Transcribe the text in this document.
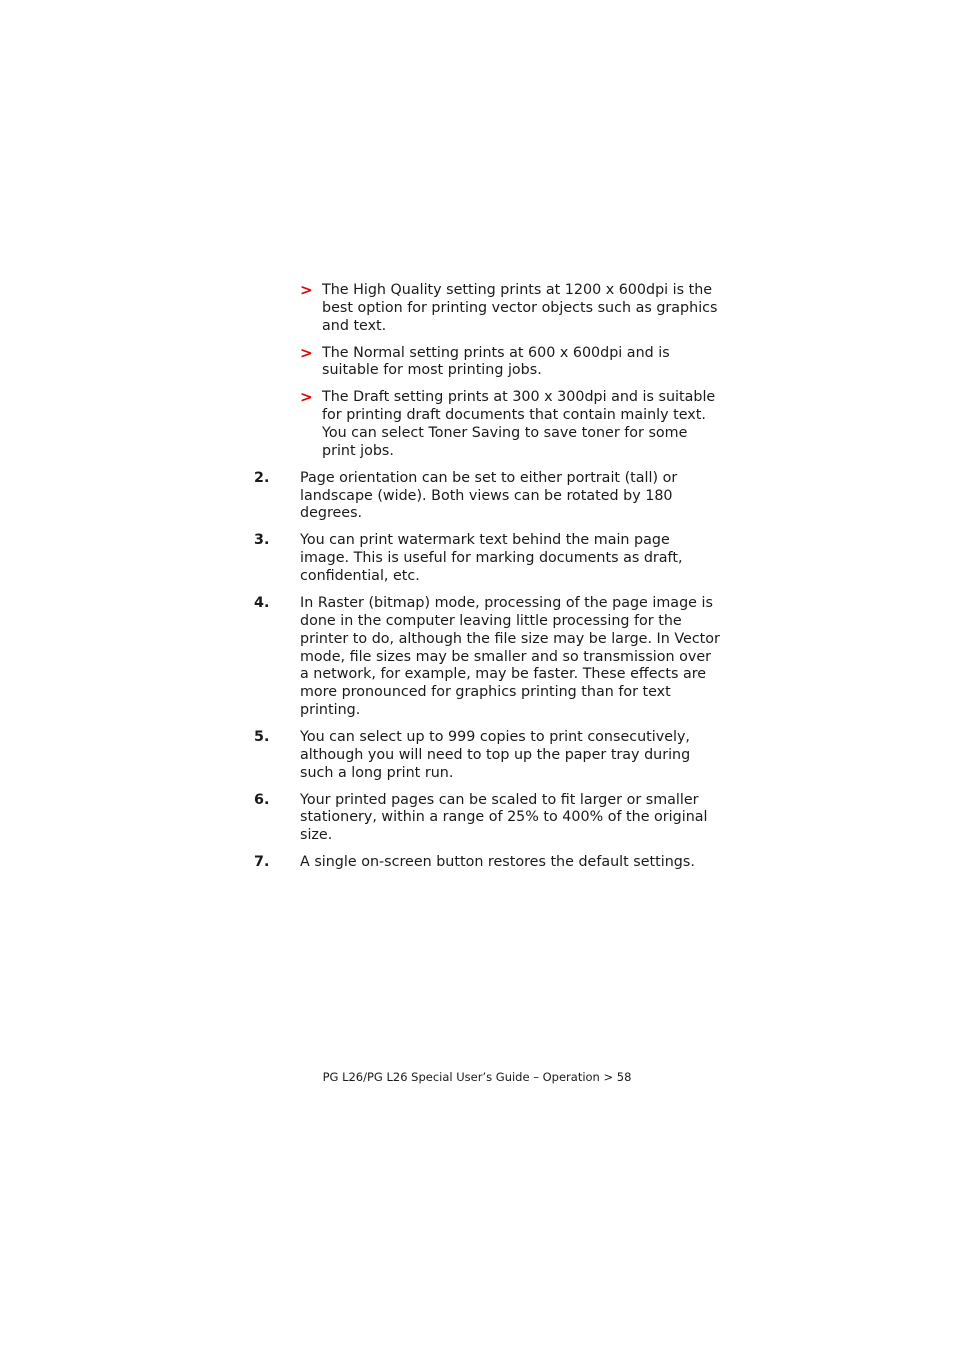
> The High Quality setting prints at 1200 x 600dpi is the best option for printing vector objects such as graphics and text.
> The Normal setting prints at 600 x 600dpi and is suitable for most printing jobs.
> The Draft setting prints at 300 x 300dpi and is suitable for printing draft documents that contain mainly text. You can select Toner Saving to save toner for some print jobs.
2. Page orientation can be set to either portrait (tall) or landscape (wide). Both views can be rotated by 180 degrees.
3. You can print watermark text behind the main page image. This is useful for marking documents as draft, confidential, etc.
4. In Raster (bitmap) mode, processing of the page image is done in the computer leaving little processing for the printer to do, although the file size may be large. In Vector mode, file sizes may be smaller and so transmission over a network, for example, may be faster. These effects are more pronounced for graphics printing than for text printing.
5. You can select up to 999 copies to print consecutively, although you will need to top up the paper tray during such a long print run.
6. Your printed pages can be scaled to fit larger or smaller stationery, within a range of 25% to 400% of the original size.
7. A single on-screen button restores the default settings.
PG L26/PG L26 Special User’s Guide – Operation > 58
